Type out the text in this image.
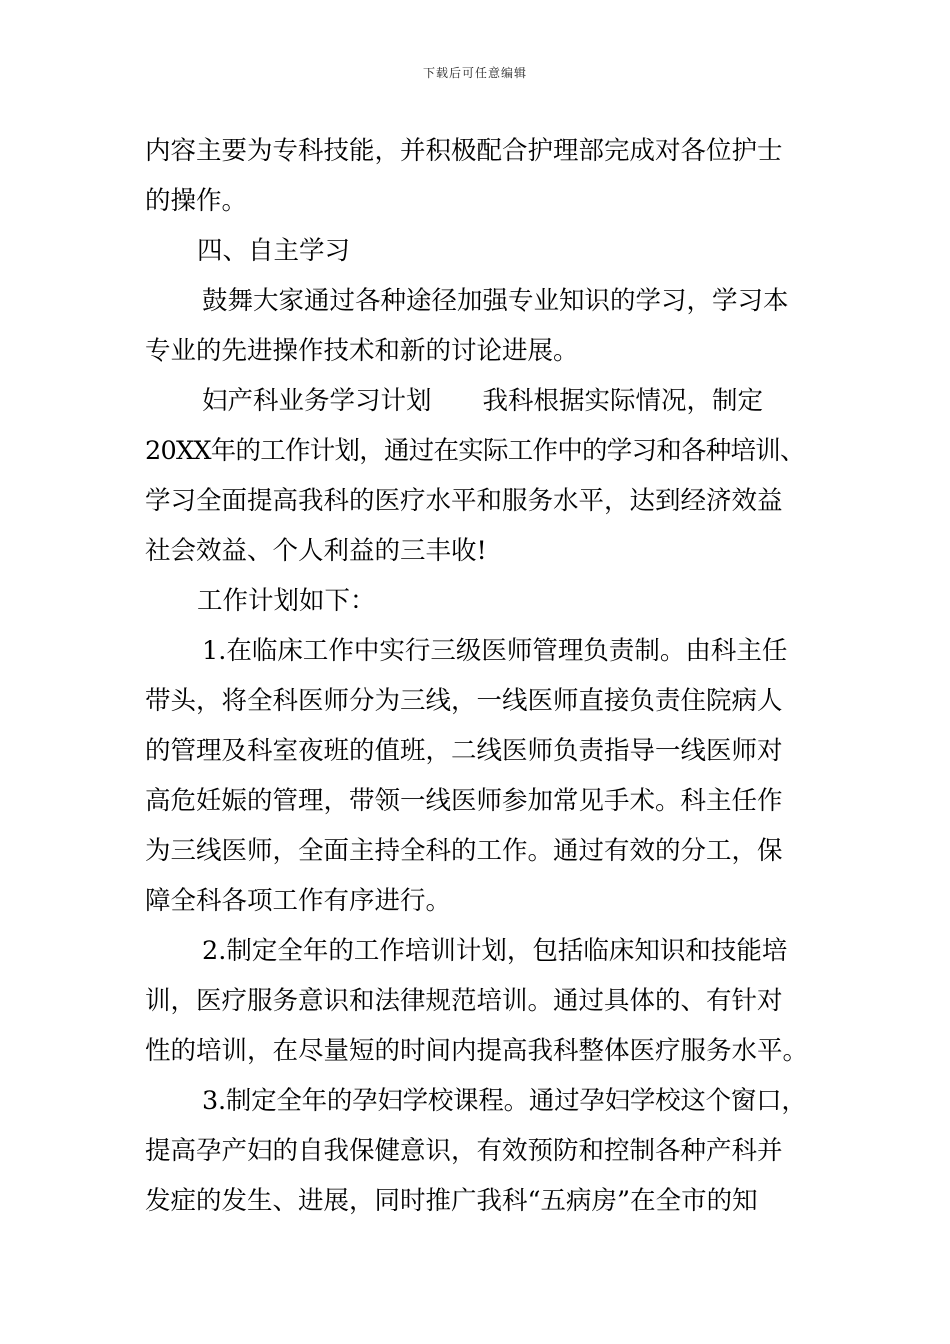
下载后可任意编辑
内容主要为专科技能，并积极配合护理部完成对各位护士
的操作。
四、自主学习
鼓舞大家通过各种途径加强专业知识的学习，学习本
专业的先进操作技术和新的讨论进展。
妇产科业务学习计划　　我科根据实际情况，制定
20XX年的工作计划，通过在实际工作中的学习和各种培训、
学习全面提高我科的医疗水平和服务水平，达到经济效益
社会效益、个人利益的三丰收!
工作计划如下：
1.在临床工作中实行三级医师管理负责制。由科主任
带头，将全科医师分为三线，一线医师直接负责住院病人
的管理及科室夜班的值班，二线医师负责指导一线医师对
高危妊娠的管理，带领一线医师参加常见手术。科主任作
为三线医师，全面主持全科的工作。通过有效的分工，保
障全科各项工作有序进行。
2.制定全年的工作培训计划，包括临床知识和技能培
训，医疗服务意识和法律规范培训。通过具体的、有针对
性的培训，在尽量短的时间内提高我科整体医疗服务水平。
3.制定全年的孕妇学校课程。通过孕妇学校这个窗口，
提高孕产妇的自我保健意识，有效预防和控制各种产科并
发症的发生、进展，同时推广我科“五病房”在全市的知
